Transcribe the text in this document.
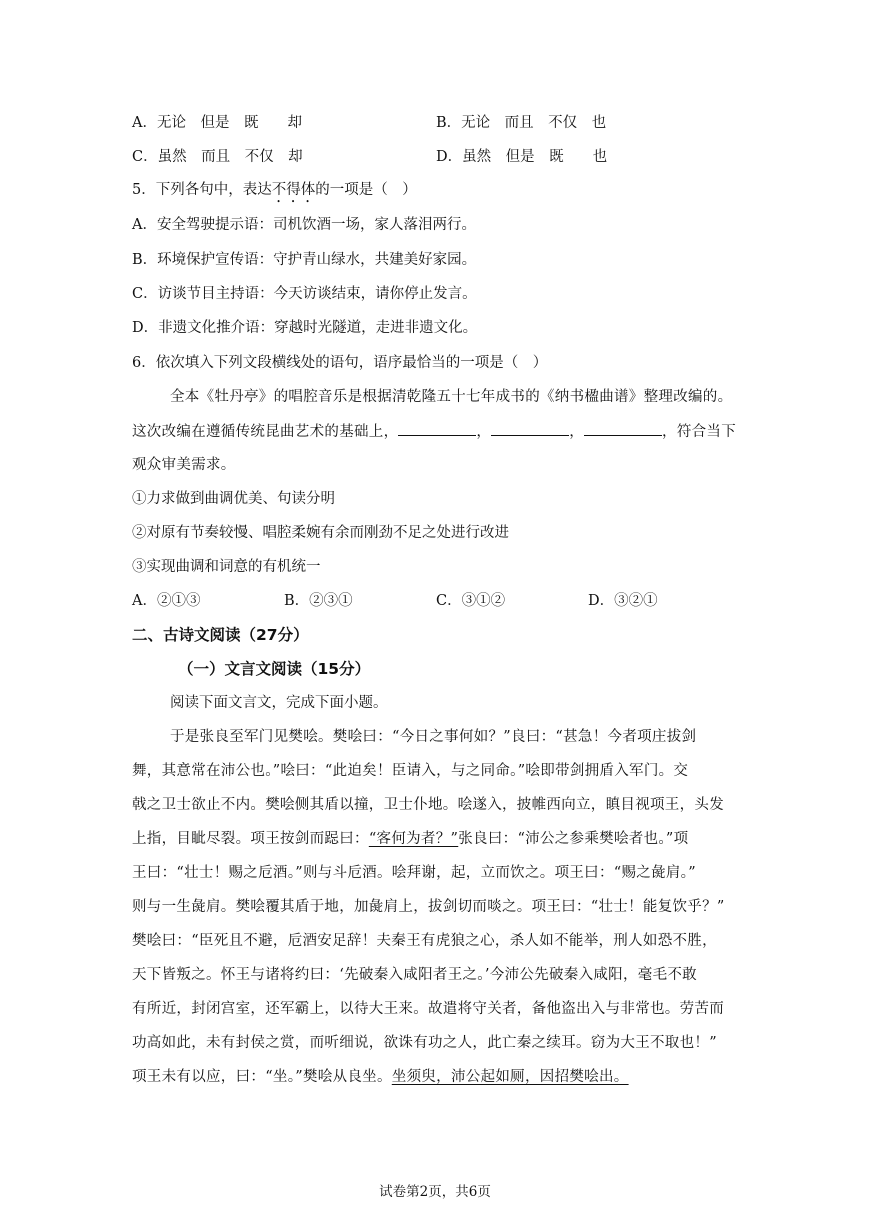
A．无论　但是　既　　却	B．无论　而且　不仅　也
C．虽然　而且　不仅　却	D．虽然　但是　既　　也
5．下列各句中，表达不得体的一项是（　）
A．安全驾驶提示语：司机饮酒一场，家人落泪两行。
B．环境保护宣传语：守护青山绿水，共建美好家园。
C．访谈节目主持语：今天访谈结束，请你停止发言。
D．非遗文化推介语：穿越时光隧道，走进非遗文化。
6．依次填入下列文段横线处的语句，语序最恰当的一项是（　）
全本《牡丹亭》的唱腔音乐是根据清乾隆五十七年成书的《纳书楹曲谱》整理改编的。
这次改编在遵循传统昆曲艺术的基础上，	，	，	，符合当下
观众审美需求。
①力求做到曲调优美、句读分明
②对原有节奏较慢、唱腔柔婉有余而刚劲不足之处进行改进
③实现曲调和词意的有机统一
A．②①③	B．②③①	C．③①②	D．③②①
二、古诗文阅读（27分）
（一）文言文阅读（15分）
阅读下面文言文，完成下面小题。
于是张良至军门见樊哙。樊哙曰：“今日之事何如？”良曰：“甚急！今者项庄拔剑
舞，其意常在沛公也。”哙曰：“此迫矣！臣请入，与之同命。”哙即带剑拥盾入军门。交
戟之卫士欲止不内。樊哙侧其盾以撞，卫士仆地。哙遂入，披帷西向立，瞋目视项王，头发
上指，目眦尽裂。项王按剑而跽曰：“客何为者？”张良曰：“沛公之参乘樊哙者也。”项
王曰：“壮士！赐之卮酒。”则与斗卮酒。哙拜谢，起，立而饮之。项王曰：“赐之彘肩。”
则与一生彘肩。樊哙覆其盾于地，加彘肩上，拔剑切而啖之。项王曰：“壮士！能复饮乎？”
樊哙曰：“臣死且不避，卮酒安足辞！夫秦王有虎狼之心，杀人如不能举，刑人如恐不胜，
天下皆叛之。怀王与诸将约曰：‘先破秦入咸阳者王之。’今沛公先破秦入咸阳，毫毛不敢
有所近，封闭宫室，还军霸上，以待大王来。故遣将守关者，备他盗出入与非常也。劳苦而
功高如此，未有封侯之赏，而听细说，欲诛有功之人，此亡秦之续耳。窃为大王不取也！”
项王未有以应，曰：“坐。”樊哙从良坐。坐须臾，沛公起如厕，因招樊哙出。
试卷第2页，共6页
